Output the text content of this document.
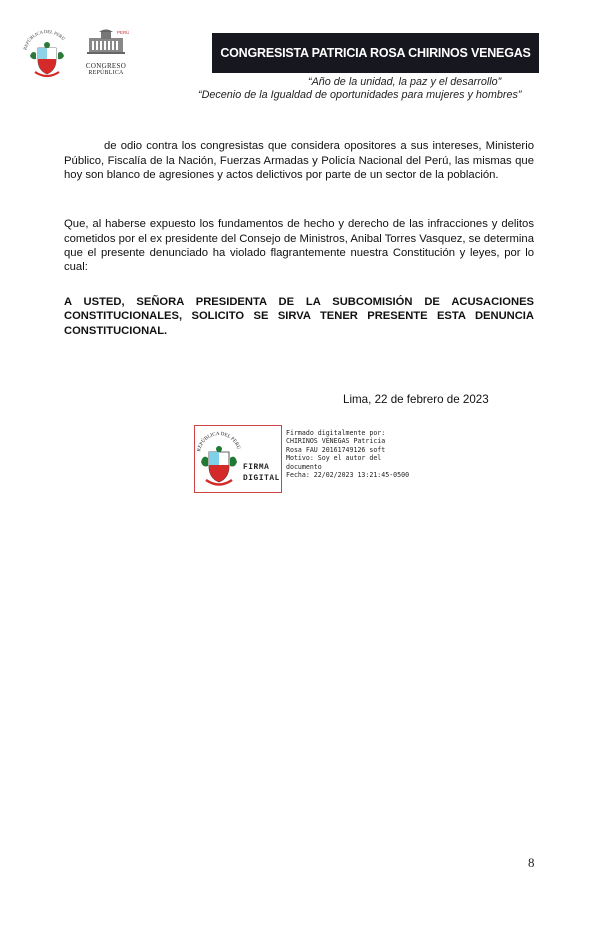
REPÚBLICA DEL PERÚ
PERÚ
CONGRESO
REPÚBLICA
CONGRESISTA PATRICIA ROSA CHIRINOS VENEGAS
“Año de la unidad, la paz y el desarrollo”
“Decenio de la Igualdad de oportunidades para mujeres y hombres”

de odio contra los congresistas que considera opositores a sus intereses, Ministerio Público, Fiscalía de la Nación, Fuerzas Armadas y Policía Nacional del Perú, las mismas que hoy son blanco de agresiones y actos delictivos por parte de un sector de la población.

Que, al haberse expuesto los fundamentos de hecho y derecho de las infracciones y delitos cometidos por el ex presidente del Consejo de Ministros, Anibal Torres Vasquez, se determina que el presente denunciado ha violado flagrantemente nuestra Constitución y leyes, por lo cual:

A USTED, SEÑORA PRESIDENTA DE LA SUBCOMISIÓN DE ACUSACIONES CONSTITUCIONALES, SOLICITO SE SIRVA TENER PRESENTE ESTA DENUNCIA CONSTITUCIONAL.

Lima, 22 de febrero de 2023
REPÚBLICA DEL PERÚ
FIRMA
DIGITAL
Firmado digitalmente por:
CHIRINOS VENEGAS Patricia
Rosa FAU 20161749126 soft
Motivo: Soy el autor del
documento
Fecha: 22/02/2023 13:21:45-0500
8
